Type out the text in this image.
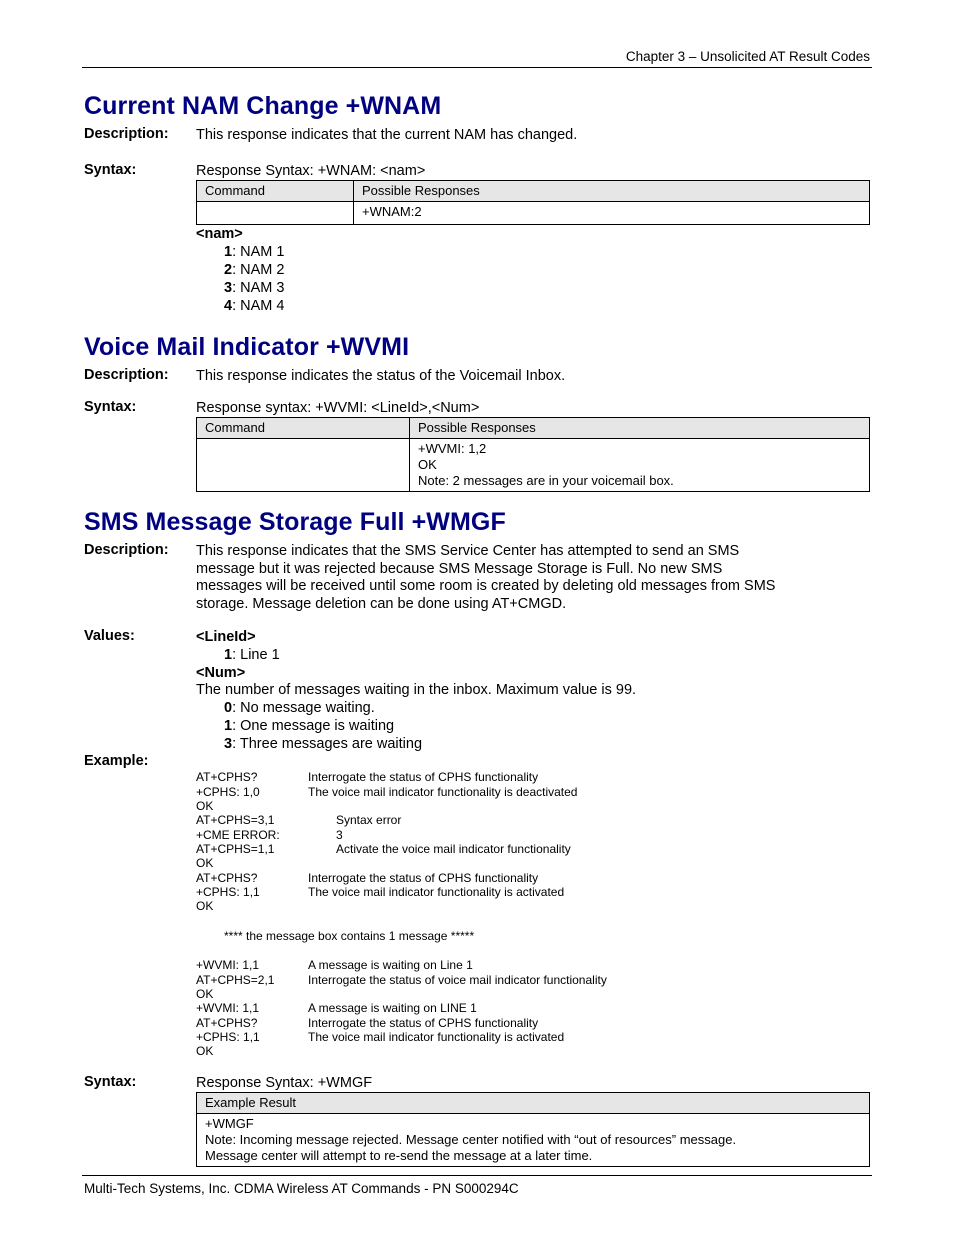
Chapter 3 – Unsolicited AT Result Codes
Current NAM Change +WNAM
Description: This response indicates that the current NAM has changed.
Syntax:	Response Syntax: +WNAM: <nam>
Command	Possible Responses
	+WNAM:2
<nam>
1: NAM 1
2: NAM 2
3: NAM 3
4: NAM 4
Voice Mail Indicator +WVMI
Description: This response indicates the status of the Voicemail Inbox.
Syntax:	Response syntax: +WVMI: <LineId>,<Num>
Command	Possible Responses

	+WVMI: 1,2
OK
Note: 2 messages are in your voicemail box.
SMS Message Storage Full +WMGF
Description: This response indicates that the SMS Service Center has attempted to send an SMS
message but it was rejected because SMS Message Storage is Full. No new SMS
messages will be received until some room is created by deleting old messages from SMS
storage. Message deletion can be done using AT+CMGD.
Values:	<LineId>
1: Line 1
<Num>
The number of messages waiting in the inbox. Maximum value is 99.
0: No message waiting.
1: One message is waiting
3: Three messages are waiting
Example:
AT+CPHS?	Interrogate the status of CPHS functionality
+CPHS: 1,0	The voice mail indicator functionality is deactivated
OK
AT+CPHS=3,1	Syntax error
+CME ERROR:	3
AT+CPHS=1,1	Activate the voice mail indicator functionality
OK
AT+CPHS?	Interrogate the status of CPHS functionality
+CPHS: 1,1	The voice mail indicator functionality is activated
OK
**** the message box contains 1 message *****
+WVMI: 1,1	A message is waiting on Line 1
AT+CPHS=2,1	Interrogate the status of voice mail indicator functionality
OK
+WVMI: 1,1	A message is waiting on LINE 1
AT+CPHS?	Interrogate the status of CPHS functionality
+CPHS: 1,1	The voice mail indicator functionality is activated
OK
Syntax:	Response Syntax: +WMGF
Example Result

+WMGF
Note: Incoming message rejected. Message center notified with “out of resources” message.
Message center will attempt to re-send the message at a later time.
Multi-Tech Systems, Inc. CDMA Wireless AT Commands - PN S000294C
